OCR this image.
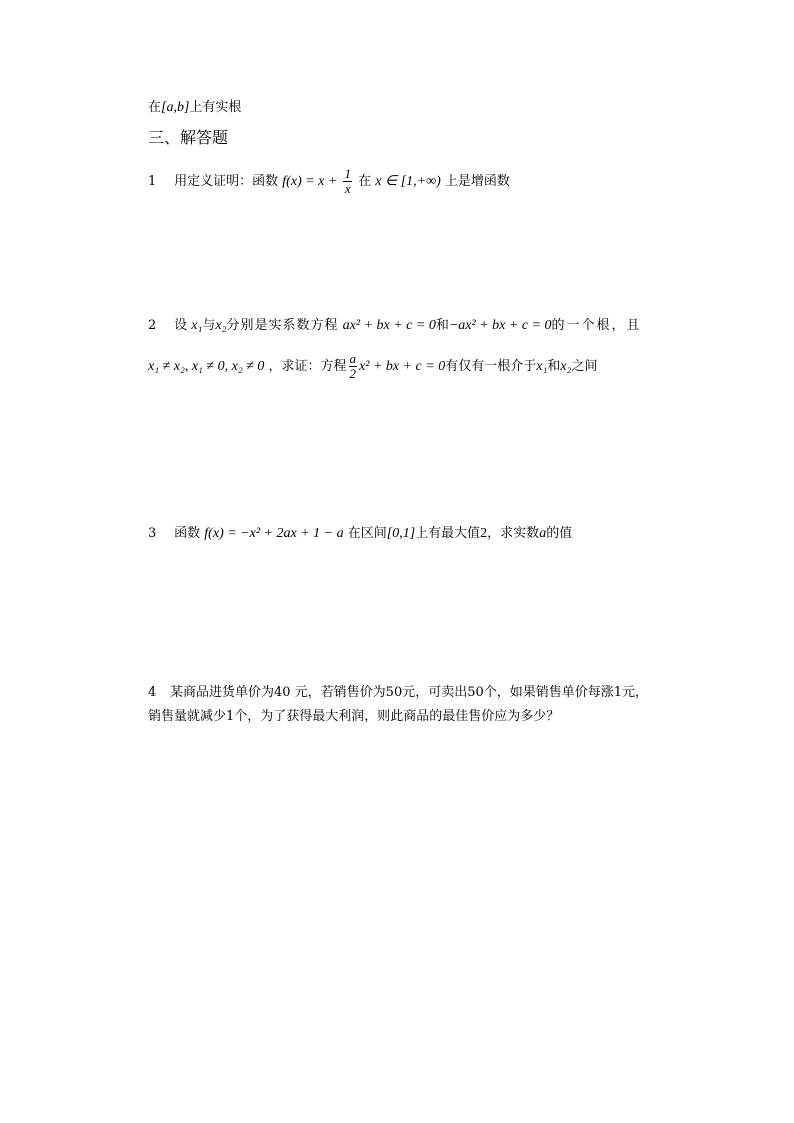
在[a,b]上有实根
三、解答题
1 用定义证明：函数 $f(x) = x + \frac{1}{x}$ 在 x ∈ [1,+∞) 上是增函数
2 设 x₁与x₂分别是实系数方程 ax² + bx + c = 0和−ax² + bx + c = 0的一个根，且
x₁ ≠ x₂, x₁ ≠ 0, x₂ ≠ 0 ，求证：方程 $\frac{a}{2} x^2$ + bx + c = 0有仅有一根介于x₁和x₂之间
3 函数 f(x) = −x² + 2ax + 1 − a 在区间[0,1]上有最大值2，求实数a的值
4 某商品进货单价为40 元，若销售价为50元，可卖出50个，如果销售单价每涨1元，
销售量就减少1个，为了获得最大利润，则此商品的最佳售价应为多少？
